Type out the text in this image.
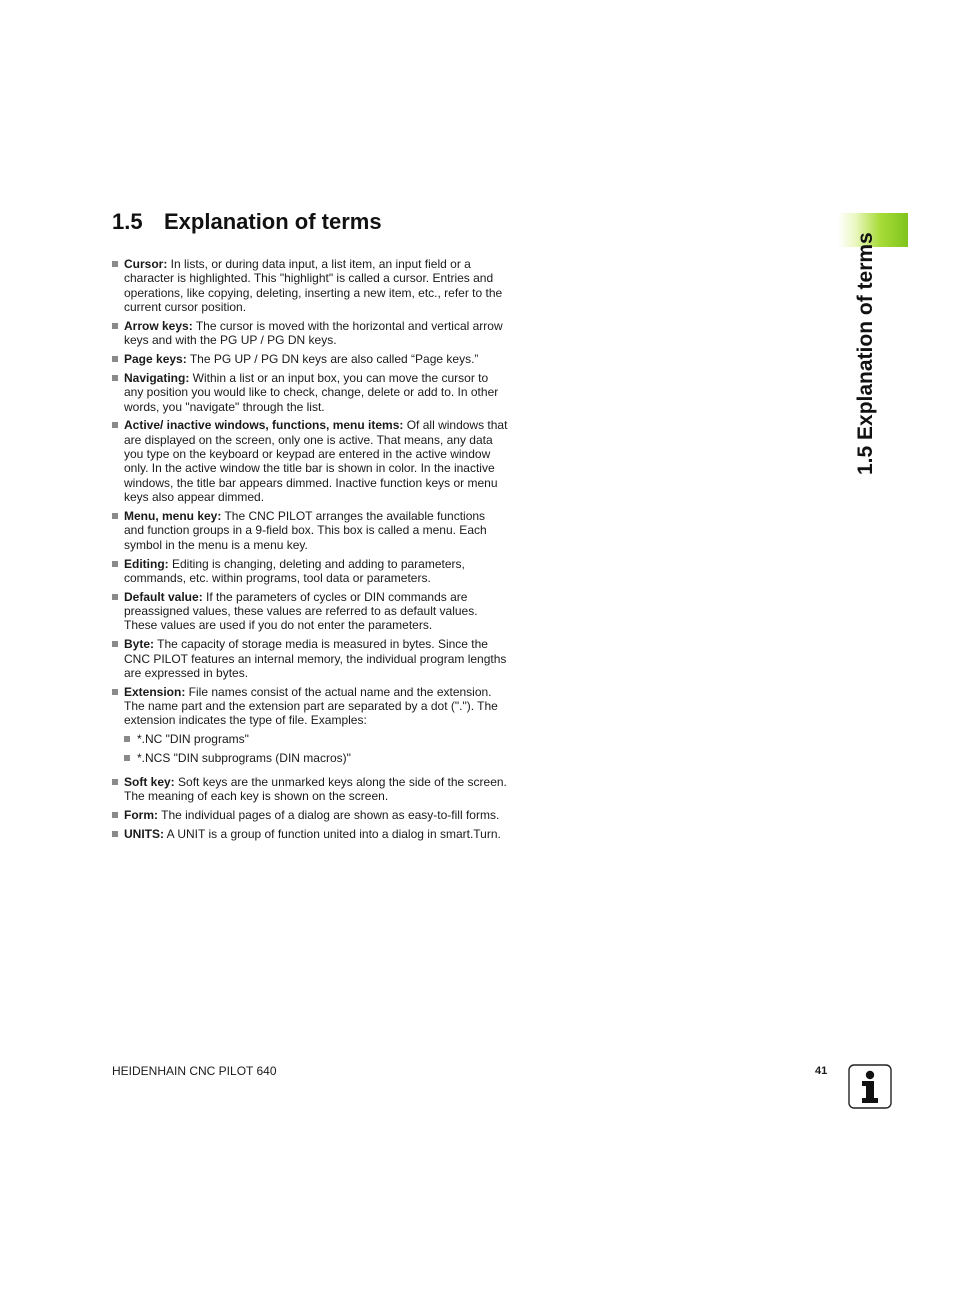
1.5 Explanation of terms
Cursor: In lists, or during data input, a list item, an input field or a character is highlighted. This "highlight" is called a cursor. Entries and operations, like copying, deleting, inserting a new item, etc., refer to the current cursor position.
Arrow keys: The cursor is moved with the horizontal and vertical arrow keys and with the PG UP / PG DN keys.
Page keys: The PG UP / PG DN keys are also called “Page keys.”
Navigating: Within a list or an input box, you can move the cursor to any position you would like to check, change, delete or add to. In other words, you "navigate" through the list.
Active/ inactive windows, functions, menu items: Of all windows that are displayed on the screen, only one is active. That means, any data you type on the keyboard or keypad are entered in the active window only. In the active window the title bar is shown in color. In the inactive windows, the title bar appears dimmed. Inactive function keys or menu keys also appear dimmed.
Menu, menu key: The CNC PILOT arranges the available functions and function groups in a 9-field box. This box is called a menu. Each symbol in the menu is a menu key.
Editing: Editing is changing, deleting and adding to parameters, commands, etc. within programs, tool data or parameters.
Default value: If the parameters of cycles or DIN commands are preassigned values, these values are referred to as default values. These values are used if you do not enter the parameters.
Byte: The capacity of storage media is measured in bytes. Since the CNC PILOT features an internal memory, the individual program lengths are expressed in bytes.
Extension: File names consist of the actual name and the extension. The name part and the extension part are separated by a dot ("."). The extension indicates the type of file. Examples:
*.NC "DIN programs"
*.NCS "DIN subprograms (DIN macros)"
Soft key: Soft keys are the unmarked keys along the side of the screen. The meaning of each key is shown on the screen.
Form: The individual pages of a dialog are shown as easy-to-fill forms.
UNITS: A UNIT is a group of function united into a dialog in smart.Turn.
1.5 Explanation of terms
HEIDENHAIN CNC PILOT 640	41
